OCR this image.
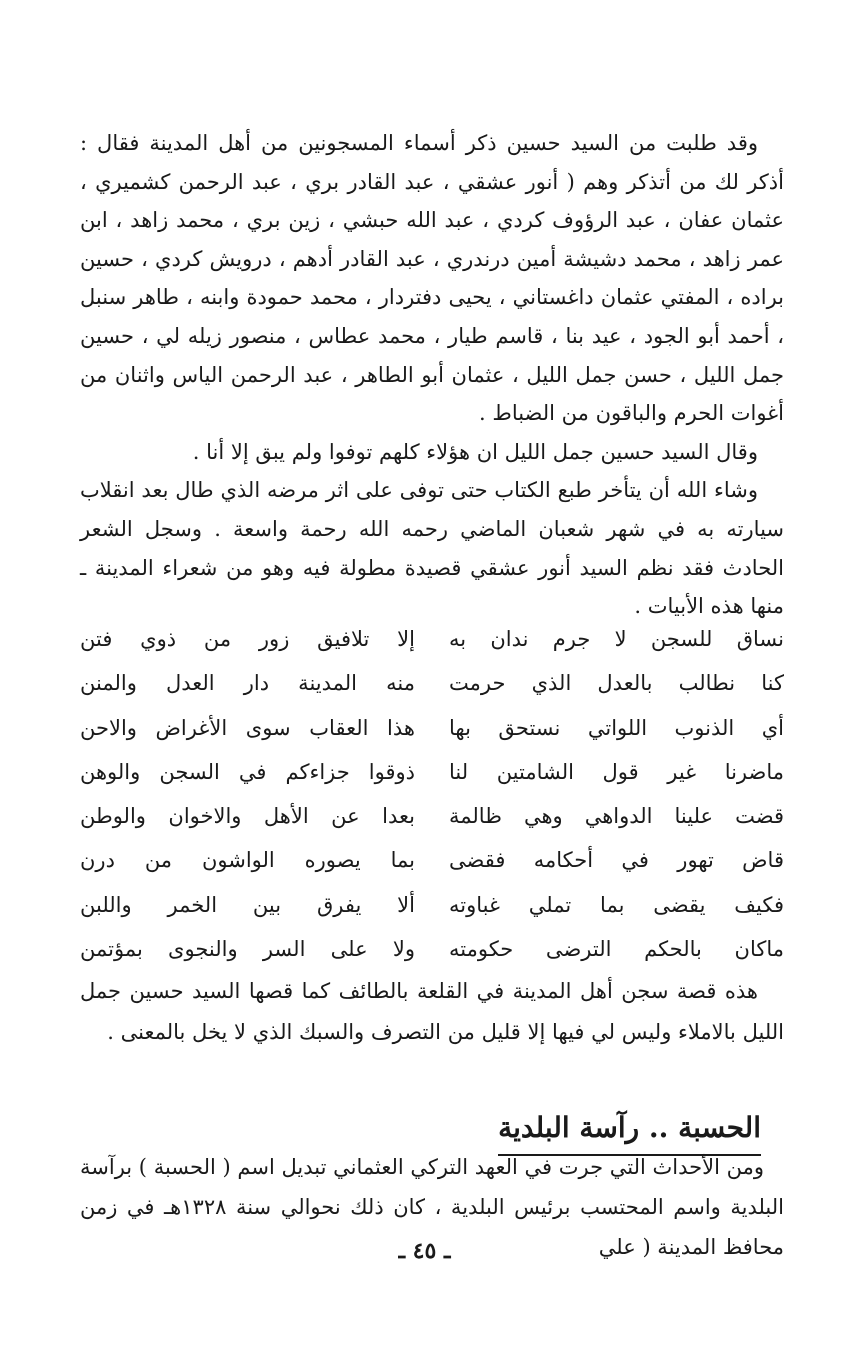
وقد طلبت من السيد حسين ذكر أسماء المسجونين من أهل المدينة فقال : أذكر لك من أتذكر وهم ( أنور عشقي ، عبد القادر بري ، عبد الرحمن كشميري ، عثمان عفان ، عبد الرؤوف كردي ، عبد الله حبشي ، زين بري ، محمد زاهد ، ابن عمر زاهد ، محمد دشيشة أمين درندري ، عبد القادر أدهم ، درويش كردي ، حسين براده ، المفتي عثمان داغستاني ، يحيى دفتردار ، محمد حمودة وابنه ، طاهر سنبل ، أحمد أبو الجود ، عيد بنا ، قاسم طيار ، محمد عطاس ، منصور زيله لي ، حسين جمل الليل ، حسن جمل الليل ، عثمان أبو الطاهر ، عبد الرحمن الياس واثنان من أغوات الحرم والباقون من الضباط .

وقال السيد حسين جمل الليل ان هؤلاء كلهم توفوا ولم يبق إلا أنا .

وشاء الله أن يتأخر طبع الكتاب حتى توفى على اثر مرضه الذي طال بعد انقلاب سيارته به في شهر شعبان الماضي رحمه الله رحمة واسعة . وسجل الشعر الحادث فقد نظم السيد أنور عشقي قصيدة مطولة فيه وهو من شعراء المدينة ـ منها هذه الأبيات .

نساق للسجن لا جرم ندان به
إلا تلافيق زور من ذوي فتن
كنا نطالب بالعدل الذي حرمت
منه المدينة دار العدل والمنن
أي الذنوب اللواتي نستحق بها
هذا العقاب سوى الأغراض والاحن
ماضرنا غير قول الشامتين لنا
ذوقوا جزاءكم في السجن والوهن
قضت علينا الدواهي وهي ظالمة
بعدا عن الأهل والاخوان والوطن
قاض تهور في أحكامه فقضى
بما يصوره الواشون من درن
فكيف يقضى بما تملي غباوته
ألا يفرق بين الخمر واللبن
ماكان بالحكم الترضى حكومته
ولا على السر والنجوى بمؤتمن

هذه قصة سجن أهل المدينة في القلعة بالطائف كما قصها السيد حسين جمل الليل بالاملاء وليس لي فيها إلا قليل من التصرف والسبك الذي لا يخل بالمعنى .

الحسبة .. رآسة البلدية

ومن الأحداث التي جرت في العهد التركي العثماني تبديل اسم ( الحسبة ) برآسة البلدية واسم المحتسب برئيس البلدية ، كان ذلك نحوالي سنة ١٣٢٨هـ في زمن محافظ المدينة ( علي

ـ ٤٥ ـ
